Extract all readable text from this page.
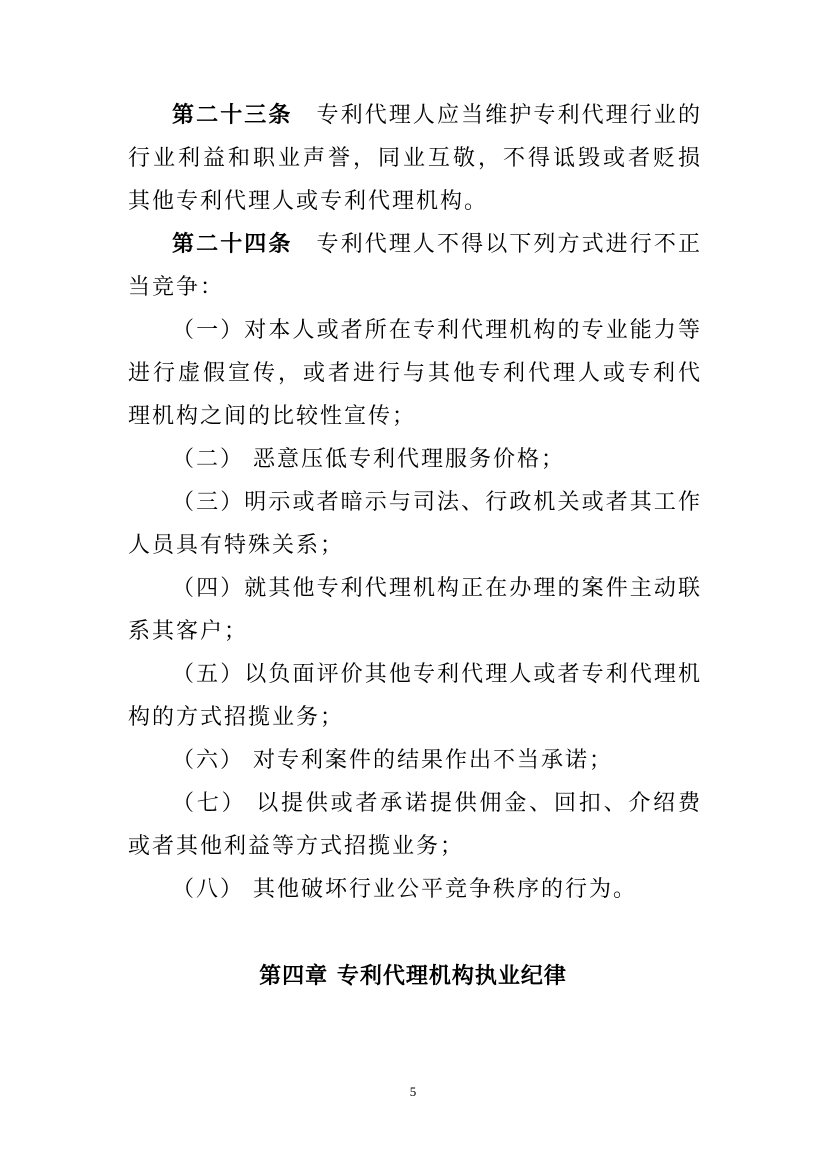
第二十三条 专利代理人应当维护专利代理行业的行业利益和职业声誉，同业互敬，不得诋毁或者贬损其他专利代理人或专利代理机构。

第二十四条 专利代理人不得以下列方式进行不正当竞争：

（一）对本人或者所在专利代理机构的专业能力等进行虚假宣传，或者进行与其他专利代理人或专利代理机构之间的比较性宣传；

（二） 恶意压低专利代理服务价格；

（三）明示或者暗示与司法、行政机关或者其工作人员具有特殊关系；

（四）就其他专利代理机构正在办理的案件主动联系其客户；

（五）以负面评价其他专利代理人或者专利代理机构的方式招揽业务；

（六） 对专利案件的结果作出不当承诺；

（七） 以提供或者承诺提供佣金、回扣、介绍费或者其他利益等方式招揽业务；

（八） 其他破坏行业公平竞争秩序的行为。

第四章 专利代理机构执业纪律
5
